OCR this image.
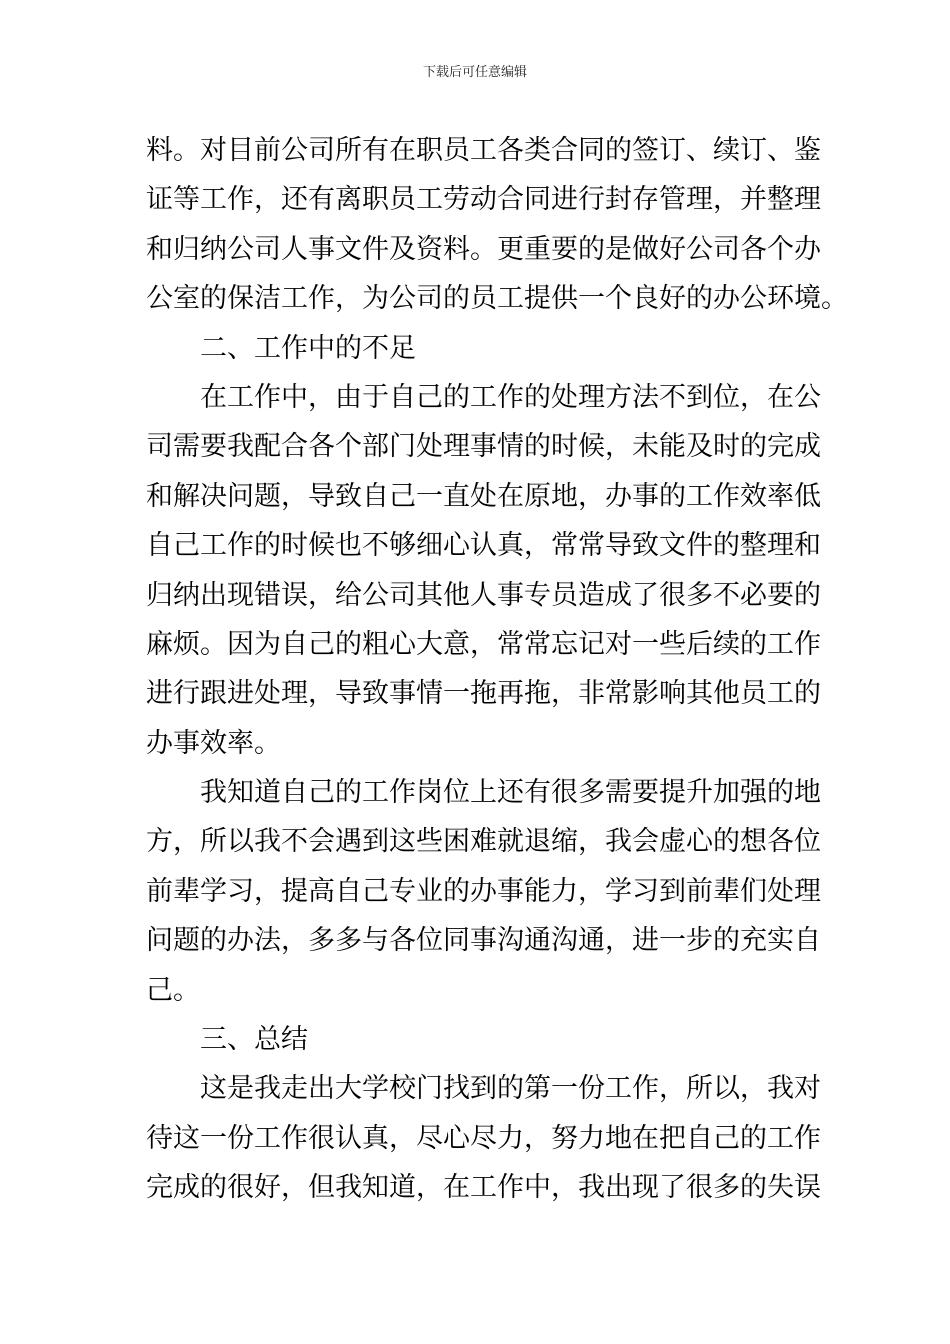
下载后可任意编辑
料。对目前公司所有在职员工各类合同的签订、续订、鉴
证等工作，还有离职员工劳动合同进行封存管理，并整理
和归纳公司人事文件及资料。更重要的是做好公司各个办
公室的保洁工作，为公司的员工提供一个良好的办公环境。
二、工作中的不足
在工作中，由于自己的工作的处理方法不到位，在公
司需要我配合各个部门处理事情的时候，未能及时的完成
和解决问题，导致自己一直处在原地，办事的工作效率低
自己工作的时候也不够细心认真，常常导致文件的整理和
归纳出现错误，给公司其他人事专员造成了很多不必要的
麻烦。因为自己的粗心大意，常常忘记对一些后续的工作
进行跟进处理，导致事情一拖再拖，非常影响其他员工的
办事效率。
我知道自己的工作岗位上还有很多需要提升加强的地
方，所以我不会遇到这些困难就退缩，我会虚心的想各位
前辈学习，提高自己专业的办事能力，学习到前辈们处理
问题的办法，多多与各位同事沟通沟通，进一步的充实自
己。
三、总结
这是我走出大学校门找到的第一份工作，所以，我对
待这一份工作很认真，尽心尽力，努力地在把自己的工作
完成的很好，但我知道，在工作中，我出现了很多的失误
